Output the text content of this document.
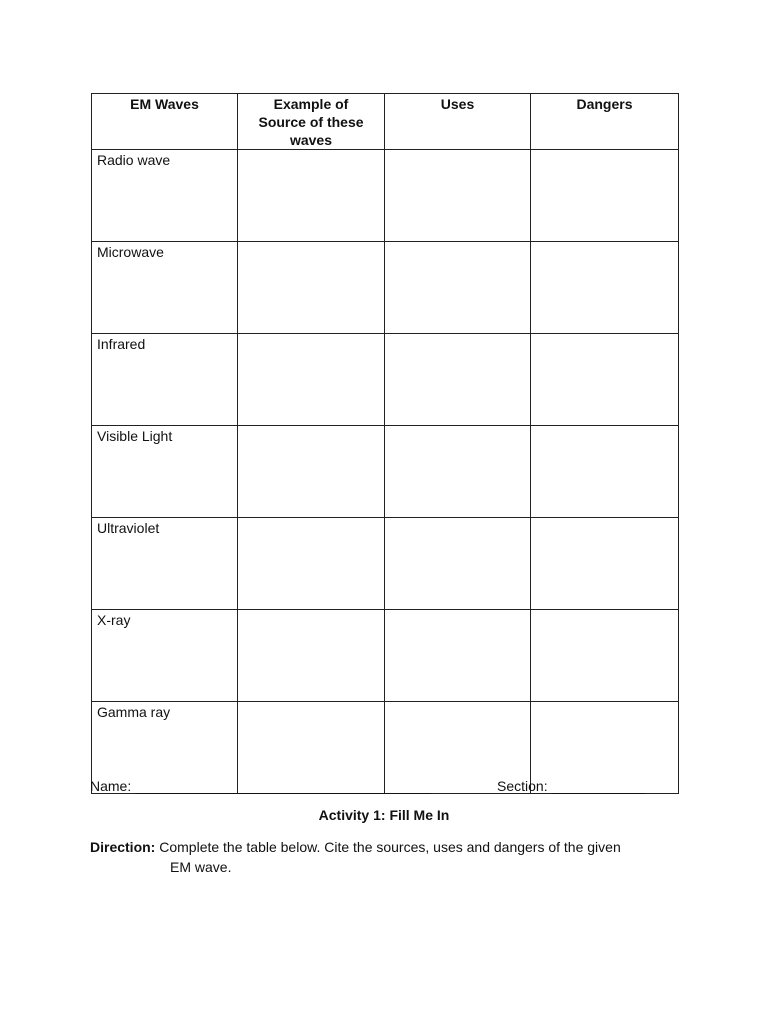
EM Waves	Example of
Source of these
waves	Uses	Dangers
Radio wave			
Microwave			
Infrared			
Visible Light			
Ultraviolet			
X-ray			
Gamma ray			
Name: ______________________________________	Section: ____________
Activity 1: Fill Me In
Direction: Complete the table below. Cite the sources, uses and dangers of the given
EM wave.
